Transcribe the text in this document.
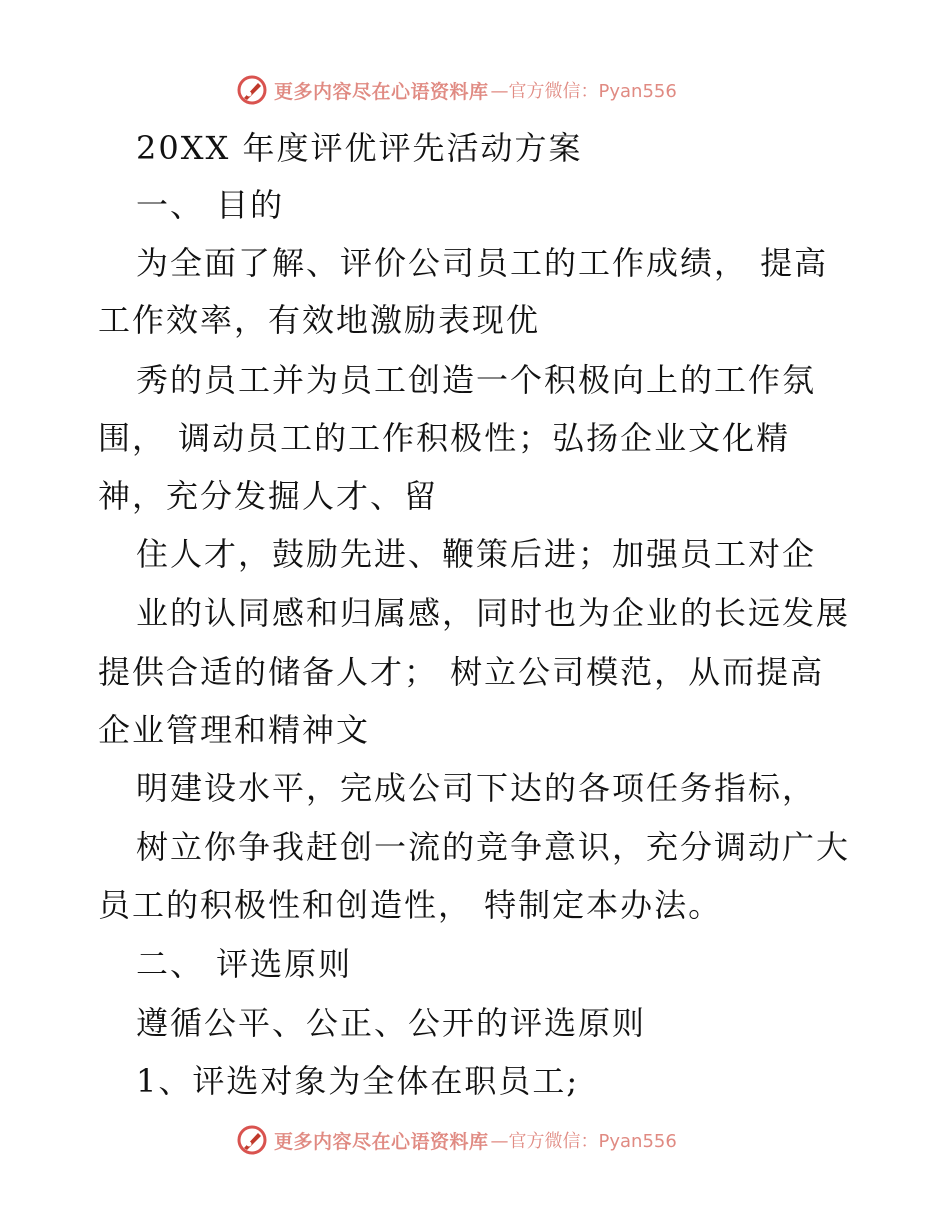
更多内容尽在心语资料库 —官方微信：Pyan556
20XX 年度评优评先活动方案
一、 目的
为全面了解、评价公司员工的工作成绩， 提高
工作效率，有效地激励表现优
秀的员工并为员工创造一个积极向上的工作氛
围， 调动员工的工作积极性；弘扬企业文化精
神，充分发掘人才、留
住人才，鼓励先进、鞭策后进；加强员工对企
业的认同感和归属感，同时也为企业的长远发展
提供合适的储备人才； 树立公司模范，从而提高
企业管理和精神文
明建设水平，完成公司下达的各项任务指标，
树立你争我赶创一流的竞争意识，充分调动广大
员工的积极性和创造性， 特制定本办法。
二、 评选原则
遵循公平、公正、公开的评选原则
1、评选对象为全体在职员工;
更多内容尽在心语资料库 —官方微信：Pyan556
